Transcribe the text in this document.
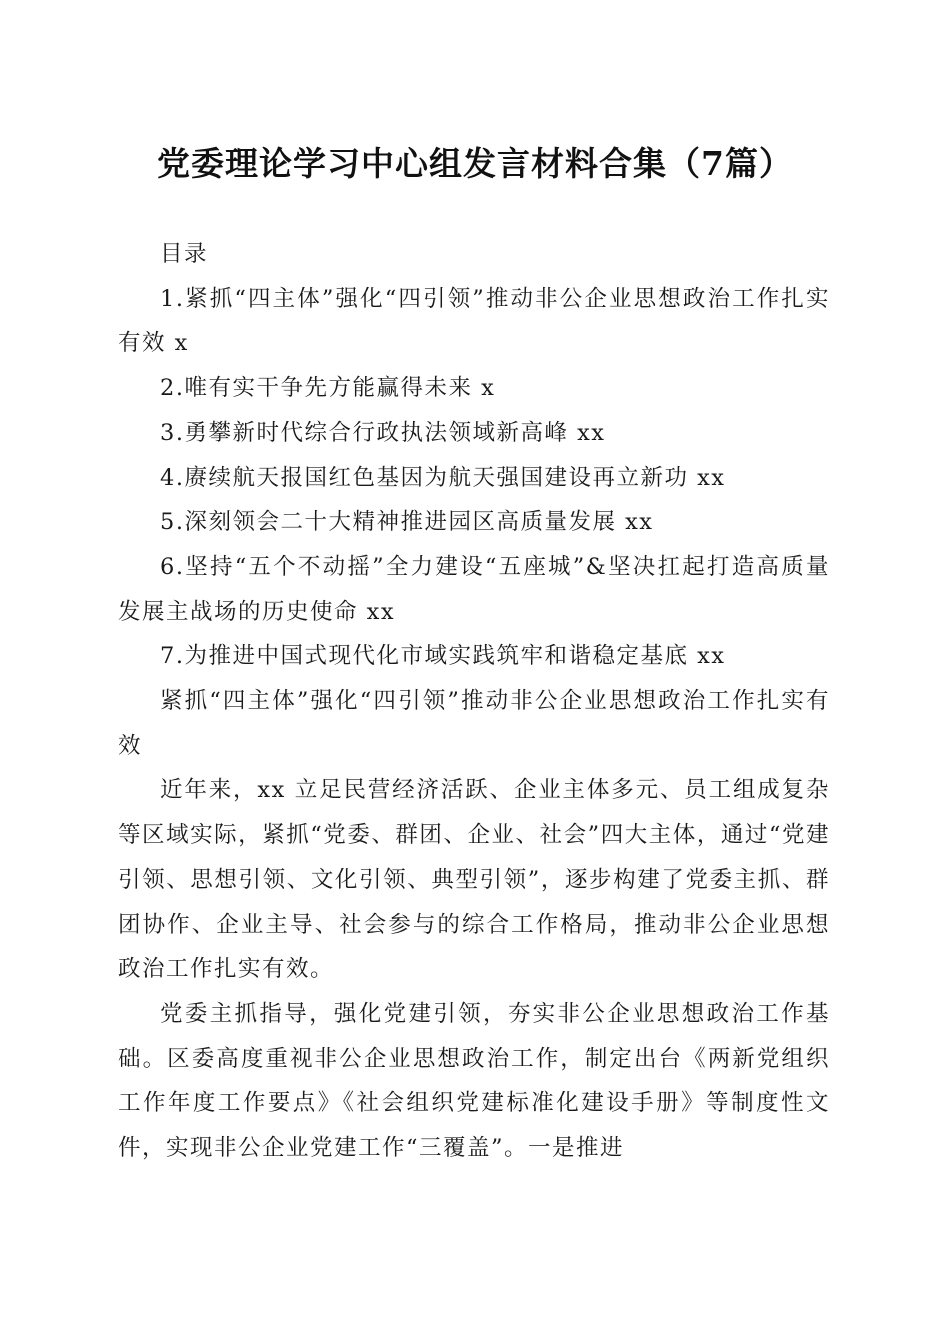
党委理论学习中心组发言材料合集（7篇）

目录

1.紧抓“四主体”强化“四引领”推动非公企业思想政治工作扎实有效 x

2.唯有实干争先方能赢得未来 x

3.勇攀新时代综合行政执法领域新高峰 xx

4.赓续航天报国红色基因为航天强国建设再立新功 xx

5.深刻领会二十大精神推进园区高质量发展 xx

6.坚持“五个不动摇”全力建设“五座城”&坚决扛起打造高质量发展主战场的历史使命 xx

7.为推进中国式现代化市域实践筑牢和谐稳定基底 xx

紧抓“四主体”强化“四引领”推动非公企业思想政治工作扎实有效

近年来，xx 立足民营经济活跃、企业主体多元、员工组成复杂等区域实际，紧抓“党委、群团、企业、社会”四大主体，通过“党建引领、思想引领、文化引领、典型引领”，逐步构建了党委主抓、群团协作、企业主导、社会参与的综合工作格局，推动非公企业思想政治工作扎实有效。

党委主抓指导，强化党建引领，夯实非公企业思想政治工作基础。区委高度重视非公企业思想政治工作，制定出台《两新党组织工作年度工作要点》《社会组织党建标准化建设手册》等制度性文件，实现非公企业党建工作“三覆盖”。一是推进
